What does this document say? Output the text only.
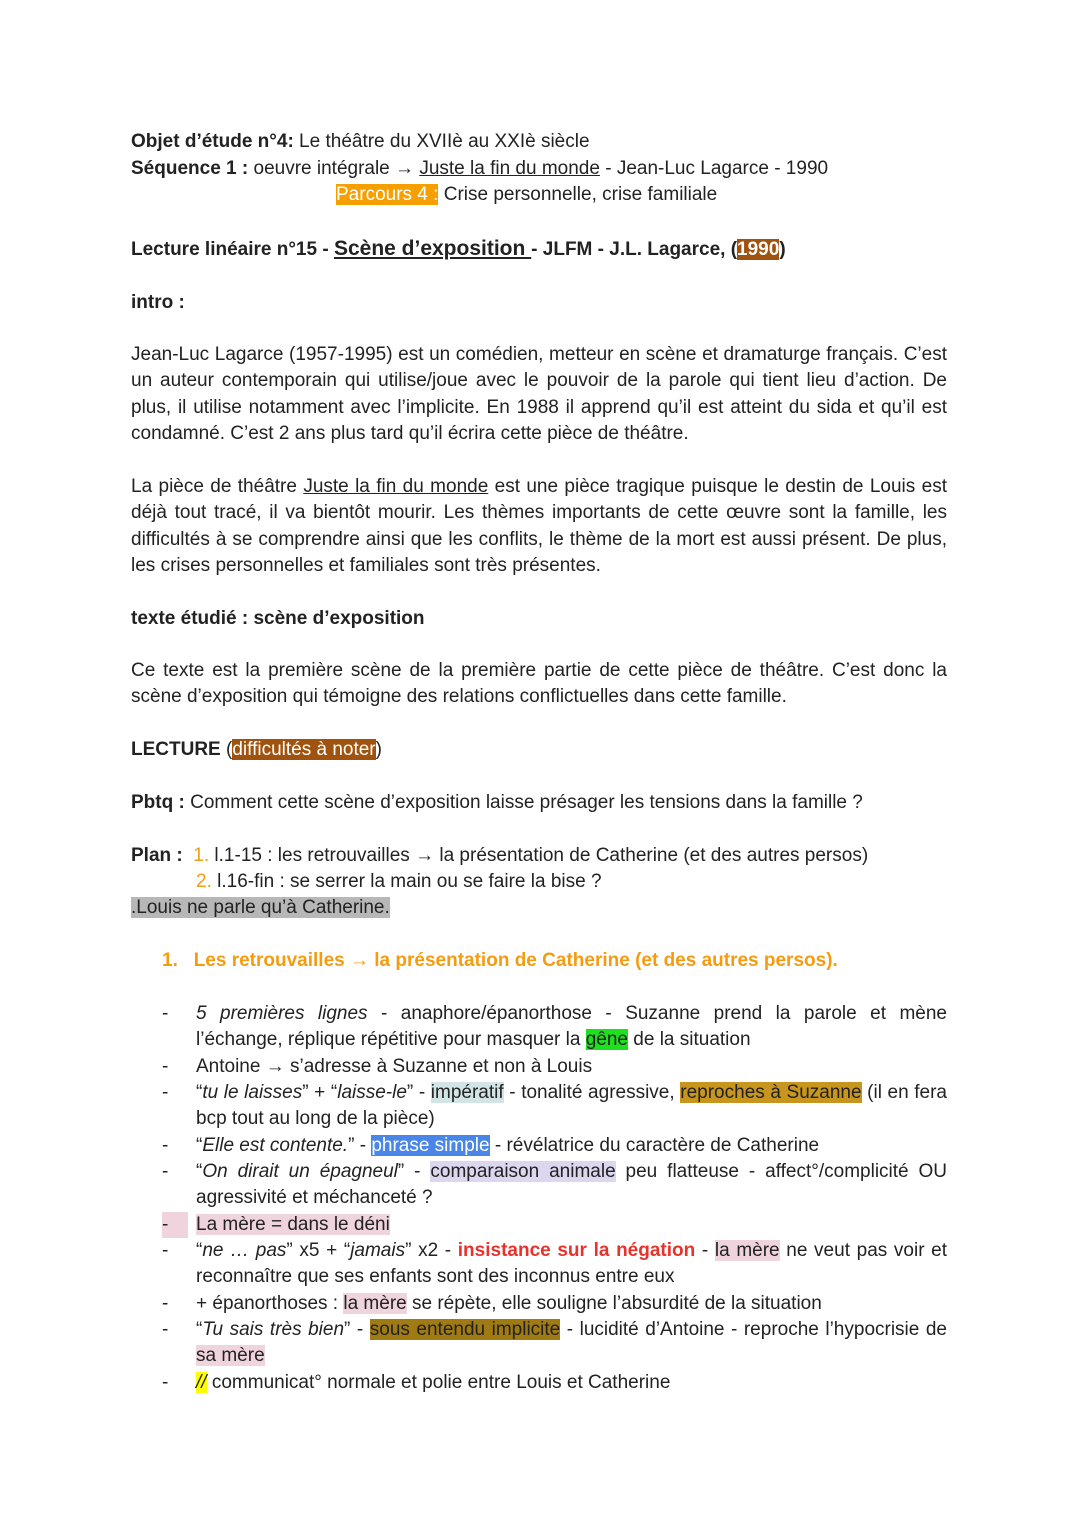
Objet d’étude n°4: Le théâtre du XVIIè au XXIè siècle
Séquence 1 : oeuvre intégrale → Juste la fin du monde - Jean-Luc Lagarce - 1990
Parcours 4 : Crise personnelle, crise familiale
Lecture linéaire n°15 - Scène d’exposition - JLFM - J.L. Lagarce, (1990)
intro :
Jean-Luc Lagarce (1957-1995) est un comédien, metteur en scène et dramaturge français. C’est un auteur contemporain qui utilise/joue avec le pouvoir de la parole qui tient lieu d’action. De plus, il utilise notamment avec l’implicite. En 1988 il apprend qu’il est atteint du sida et qu’il est condamné. C’est 2 ans plus tard qu’il écrira cette pièce de théâtre.
La pièce de théâtre Juste la fin du monde est une pièce tragique puisque le destin de Louis est déjà tout tracé, il va bientôt mourir. Les thèmes importants de cette œuvre sont la famille, les difficultés à se comprendre ainsi que les conflits, le thème de la mort est aussi présent. De plus, les crises personnelles et familiales sont très présentes.
texte étudié : scène d’exposition
Ce texte est la première scène de la première partie de cette pièce de théâtre. C’est donc la scène d’exposition qui témoigne des relations conflictuelles dans cette famille.
LECTURE (difficultés à noter)
Pbtq : Comment cette scène d’exposition laisse présager les tensions dans la famille ?
Plan : 1. l.1-15 : les retrouvailles → la présentation de Catherine (et des autres persos)
2. l.16-fin : se serrer la main ou se faire la bise ?
.Louis ne parle qu’à Catherine.
1. Les retrouvailles → la présentation de Catherine (et des autres persos).
- 5 premières lignes - anaphore/épanorthose - Suzanne prend la parole et mène l’échange, réplique répétitive pour masquer la gêne de la situation
- Antoine → s’adresse à Suzanne et non à Louis
- “tu le laisses” + “laisse-le” - impératif - tonalité agressive, reproches à Suzanne (il en fera bcp tout au long de la pièce)
- “Elle est contente.” - phrase simple - révélatrice du caractère de Catherine
- “On dirait un épagneul” - comparaison animale peu flatteuse - affect°/complicité OU agressivité et méchanceté ?
-	La mère = dans le déni
- “ne … pas” x5 + “jamais” x2 - insistance sur la négation - la mère ne veut pas voir et reconnaître que ses enfants sont des inconnus entre eux
- + épanorthoses : la mère se répète, elle souligne l’absurdité de la situation
- “Tu sais très bien” - sous entendu implicite - lucidité d’Antoine - reproche l’hypocrisie de sa mère
- // communicat° normale et polie entre Louis et Catherine
